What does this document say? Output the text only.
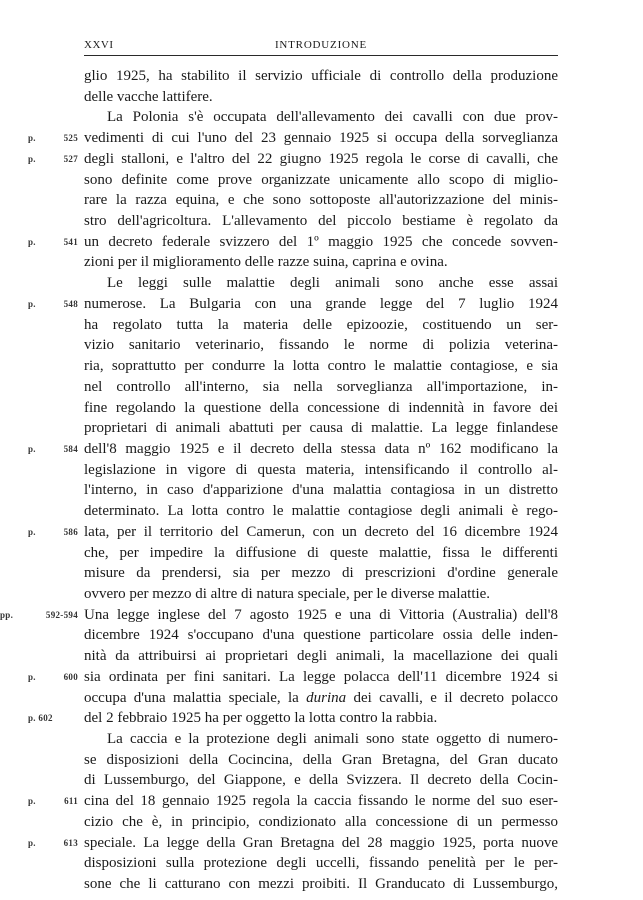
XXVI	INTRODUZIONE
glio 1925, ha stabilito il servizio ufficiale di controllo della produzione
delle vacche lattifere.
La Polonia s'è occupata dell'allevamento dei cavalli con due prov-
vedimenti di cui l'uno del 23 gennaio 1925 si occupa della sorveglianza
p. 525
degli stalloni, e l'altro del 22 giugno 1925 regola le corse di cavalli, che
p. 527
sono definite come prove organizzate unicamente allo scopo di miglio-
rare la razza equina, e che sono sottoposte all'autorizzazione del minis-
stro dell'agricoltura. L'allevamento del piccolo bestiame è regolato da
un decreto federale svizzero del 1º maggio 1925 che concede sovven-
p. 541
zioni per il miglioramento delle razze suina, caprina e ovina.
Le leggi sulle malattie degli animali sono anche esse assai
numerose. La Bulgaria con una grande legge del 7 luglio 1924
p. 548
ha regolato tutta la materia delle epizoozie, costituendo un ser-
vizio sanitario veterinario, fissando le norme di polizia veterina-
ria, soprattutto per condurre la lotta contro le malattie contagiose, e sia
nel controllo all'interno, sia nella sorveglianza all'importazione, in-
fine regolando la questione della concessione di indennità in favore dei
proprietari di animali abattuti per causa di malattie. La legge finlandese
dell'8 maggio 1925 e il decreto della stessa data nº 162 modificano la
p. 584
legislazione in vigore di questa materia, intensificando il controllo al-
l'interno, in caso d'apparizione d'una malattia contagiosa in un distretto
determinato. La lotta contro le malattie contagiose degli animali è rego-
lata, per il territorio del Camerun, con un decreto del 16 dicembre 1924
p. 586
che, per impedire la diffusione di queste malattie, fissa le differenti
misure da prendersi, sia per mezzo di prescrizioni d'ordine generale
ovvero per mezzo di altre di natura speciale, per le diverse malattie.
Una legge inglese del 7 agosto 1925 e una di Vittoria (Australia) dell'8
pp. 592-594
dicembre 1924 s'occupano d'una questione particolare ossia delle inden-
nità da attribuirsi ai proprietari degli animali, la macellazione dei quali
sia ordinata per fini sanitari. La legge polacca dell'11 dicembre 1924 si
p. 600
occupa d'una malattia speciale, la durina dei cavalli, e il decreto polacco
del 2 febbraio 1925 ha per oggetto la lotta contro la rabbia.
p. 602
La caccia e la protezione degli animali sono state oggetto di numero-
se disposizioni della Cocincina, della Gran Bretagna, del Gran ducato
di Lussemburgo, del Giappone, e della Svizzera. Il decreto della Cocin-
cina del 18 gennaio 1925 regola la caccia fissando le norme del suo eser-
p. 611
cizio che è, in principio, condizionato alla concessione di un permesso
speciale. La legge della Gran Bretagna del 28 maggio 1925, porta nuove
p. 613
disposizioni sulla protezione degli uccelli, fissando penelità per le per-
sone che li catturano con mezzi proibiti. Il Granducato di Lussemburgo,
